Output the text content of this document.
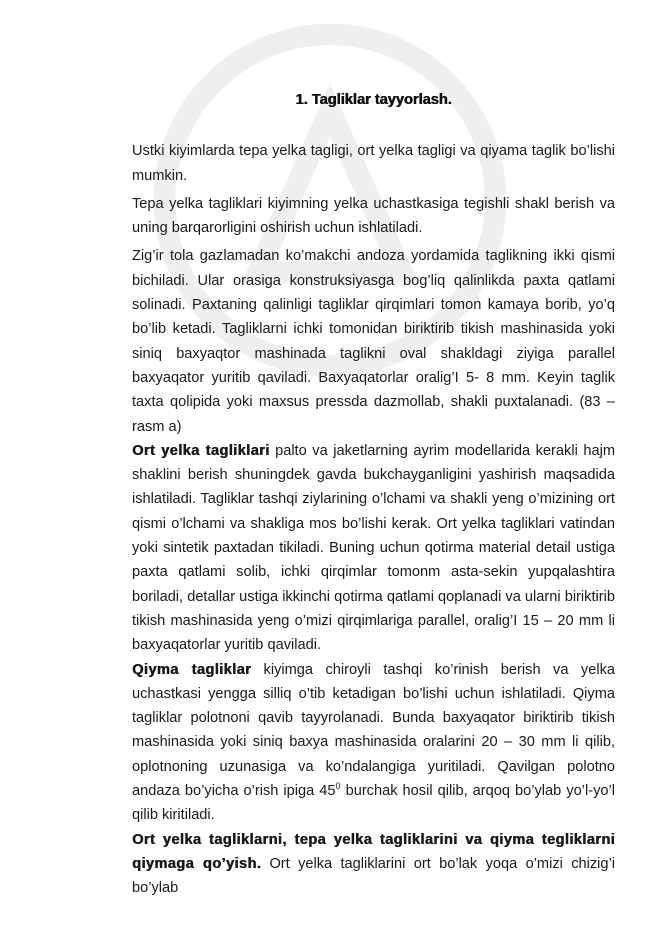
1. Tagliklar tayyorlash.

Ustki kiyimlarda tepa yelka tagligi, ort yelka tagligi va qiyama taglik bo’lishi mumkin.

Tepa yelka tagliklari kiyimning yelka uchastkasiga tegishli shakl berish va uning barqarorligini oshirish uchun ishlatiladi.

Zig’ir tola gazlamadan ko’makchi andoza yordamida taglikning ikki qismi bichiladi. Ular orasiga konstruksiyasga bog’liq qalinlikda paxta qatlami solinadi. Paxtaning qalinligi tagliklar qirqimlari tomon kamaya borib, yo’q bo’lib ketadi. Tagliklarni ichki tomonidan biriktirib tikish mashinasida yoki siniq baxyaqtor mashinada taglikni oval shakldagi ziyiga parallel baxyaqator yuritib qaviladi. Baxyaqatorlar oralig’I 5- 8 mm. Keyin taglik taxta qolipida yoki maxsus pressda dazmollab, shakli puxtalanadi. (83 – rasm a)

Ort yelka tagliklari palto va jaketlarning ayrim modellarida kerakli hajm shaklini berish shuningdek gavda bukchayganligini yashirish maqsadida ishlatiladi. Tagliklar tashqi ziylarining o’lchami va shakli yeng o’mizining ort qismi o’lchami va shakliga mos bo’lishi kerak. Ort yelka tagliklari vatindan yoki sintetik paxtadan tikiladi. Buning uchun qotirma material detail ustiga paxta qatlami solib, ichki qirqimlar tomonm asta-sekin yupqalashtira boriladi, detallar ustiga ikkinchi qotirma qatlami qoplanadi va ularni biriktirib tikish mashinasida yeng o’mizi qirqimlariga parallel, oralig’I 15 – 20 mm li baxyaqatorlar yuritib qaviladi.

Qiyma tagliklar kiyimga chiroyli tashqi ko’rinish berish va yelka uchastkasi yengga silliq o’tib ketadigan bo’lishi uchun ishlatiladi. Qiyma tagliklar polotnoni qavib tayyrolanadi. Bunda baxyaqator biriktirib tikish mashinasida yoki siniq baxya mashinasida oralarini 20 – 30 mm li qilib, oplotnoning uzunasiga va ko’ndalangiga yuritiladi. Qavilgan polotno andaza bo’yicha o’rish ipiga $45^0$ burchak hosil qilib, arqoq bo’ylab yo’l-yo’l qilib kiritiladi.

Ort yelka tagliklarni, tepa yelka tagliklarini va qiyma tegliklarni qiymaga qo’yish. Ort yelka tagliklarini ort bo’lak yoqa o’mizi chizig’i bo’ylab
